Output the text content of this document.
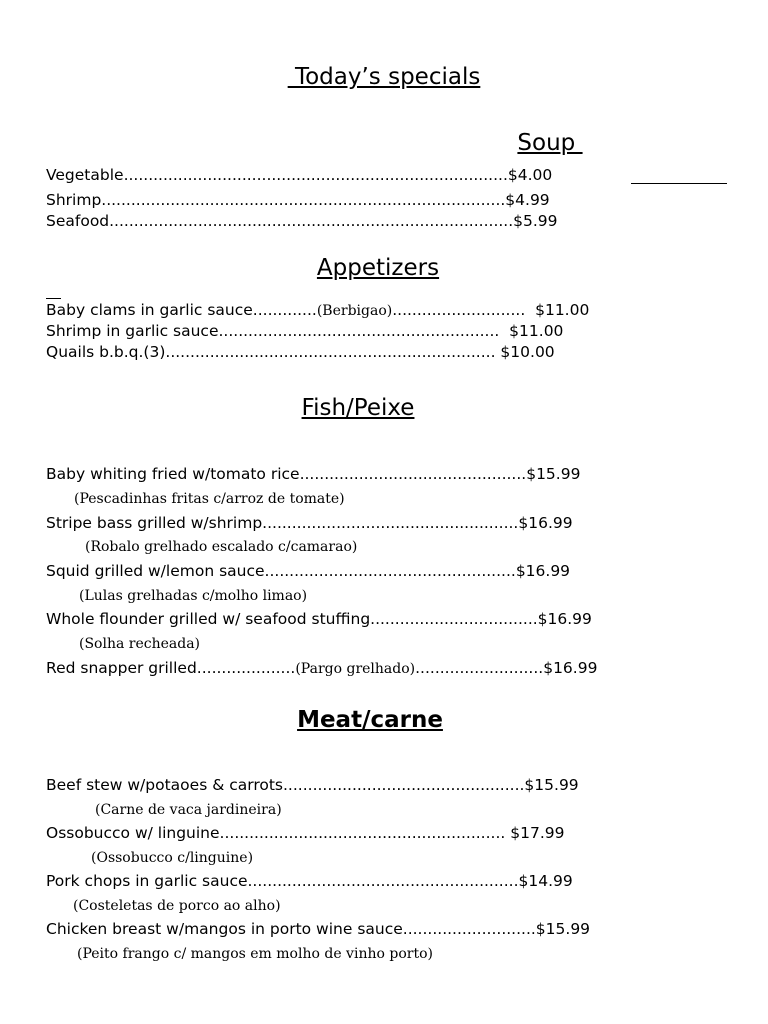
Today’s specials
Soup
Vegetable..............................................................................$4.00
Shrimp..................................................................................$4.99
Seafood..................................................................................$5.99
Appetizers
Baby clams in garlic sauce.............(Berbigao)...........................  $11.00
Shrimp in garlic sauce.........................................................  $11.00
Quails b.b.q.(3)................................................................... $10.00
Fish/Peixe
Baby whiting fried w/tomato rice..............................................$15.99
(Pescadinhas fritas c/arroz de tomate)
Stripe bass grilled w/shrimp....................................................$16.99
(Robalo grelhado escalado c/camarao)
Squid grilled w/lemon sauce...................................................$16.99
(Lulas grelhadas c/molho limao)
Whole flounder grilled w/ seafood stuffing..................................$16.99
(Solha recheada)
Red snapper grilled....................(Pargo grelhado)..........................$16.99
Meat/carne
Beef stew w/potaoes & carrots.................................................$15.99
(Carne de vaca jardineira)
Ossobucco w/ linguine.......................................................... $17.99
(Ossobucco c/linguine)
Pork chops in garlic sauce.......................................................$14.99
(Costeletas de porco ao alho)
Chicken breast w/mangos in porto wine sauce...........................$15.99
(Peito frango c/ mangos em molho de vinho porto)
